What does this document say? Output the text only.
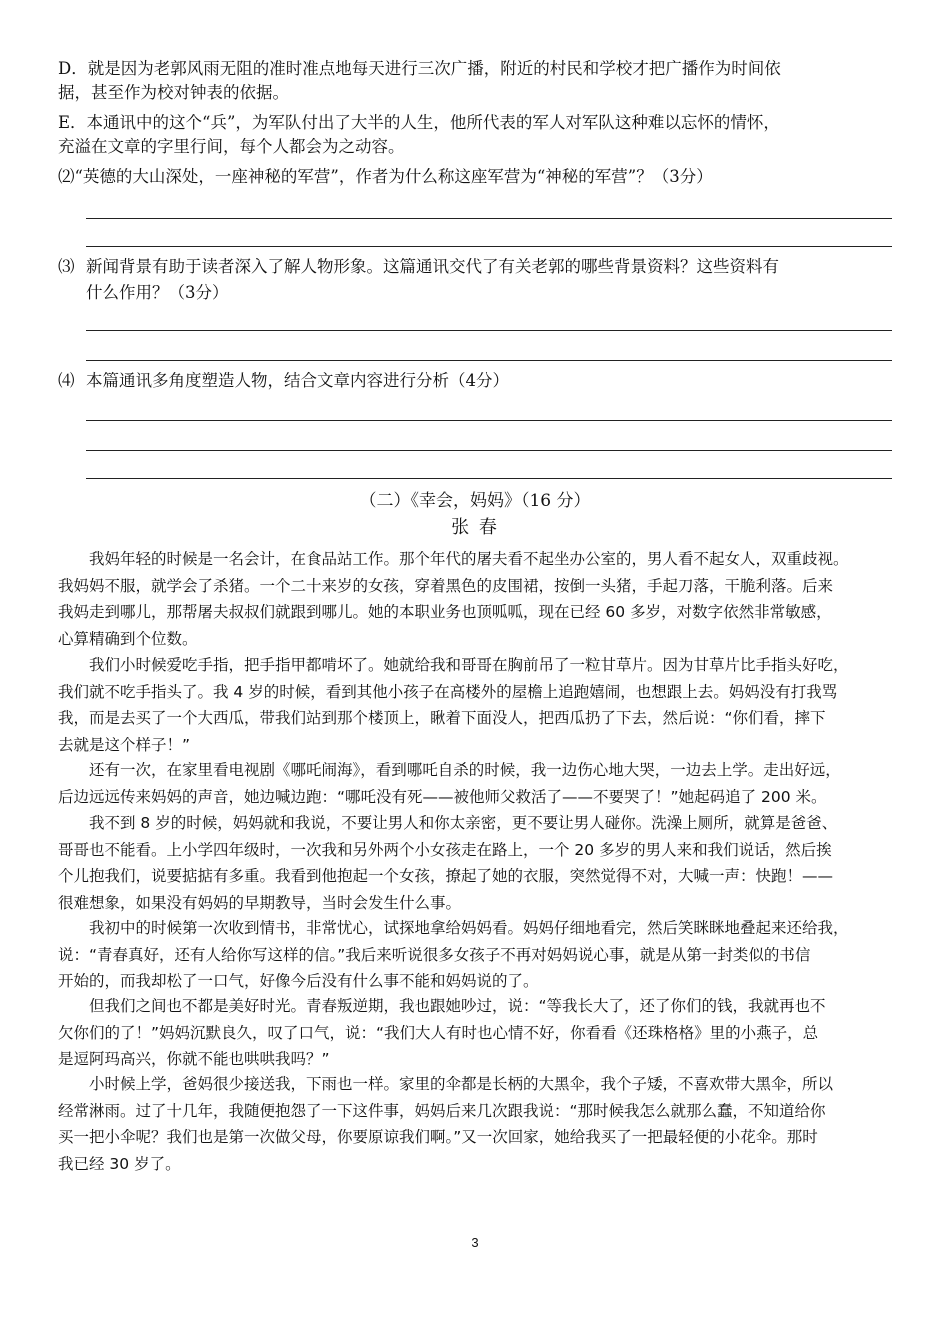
D．就是因为老郭风雨无阻的准时准点地每天进行三次广播，附近的村民和学校才把广播作为时间依
据，甚至作为校对钟表的依据。
E．本通讯中的这个“兵”，为军队付出了大半的人生，他所代表的军人对军队这种难以忘怀的情怀，
充溢在文章的字里行间，每个人都会为之动容。
⑵“英德的大山深处，一座神秘的军营”，作者为什么称这座军营为“神秘的军营”？（3分）
⑶ 新闻背景有助于读者深入了解人物形象。这篇通讯交代了有关老郭的哪些背景资料？这些资料有
什么作用？（3分）
⑷ 本篇通讯多角度塑造人物，结合文章内容进行分析（4分）
（二）《幸会，妈妈》（16 分）
张 春
我妈年轻的时候是一名会计，在食品站工作。那个年代的屠夫看不起坐办公室的，男人看不起女人，双重歧视。
我妈妈不服，就学会了杀猪。一个二十来岁的女孩，穿着黑色的皮围裙，按倒一头猪，手起刀落，干脆利落。后来
我妈走到哪儿，那帮屠夫叔叔们就跟到哪儿。她的本职业务也顶呱呱，现在已经 60 多岁，对数字依然非常敏感，
心算精确到个位数。
我们小时候爱吃手指，把手指甲都啃坏了。她就给我和哥哥在胸前吊了一粒甘草片。因为甘草片比手指头好吃，
我们就不吃手指头了。我 4 岁的时候，看到其他小孩子在高楼外的屋檐上追跑嬉闹，也想跟上去。妈妈没有打我骂
我，而是去买了一个大西瓜，带我们站到那个楼顶上，瞅着下面没人，把西瓜扔了下去，然后说：“你们看，摔下
去就是这个样子！”
还有一次，在家里看电视剧《哪吒闹海》，看到哪吒自杀的时候，我一边伤心地大哭，一边去上学。走出好远，
后边远远传来妈妈的声音，她边喊边跑：“哪吒没有死——被他师父救活了——不要哭了！”她起码追了 200 米。
我不到 8 岁的时候，妈妈就和我说，不要让男人和你太亲密，更不要让男人碰你。洗澡上厕所，就算是爸爸、
哥哥也不能看。上小学四年级时，一次我和另外两个小女孩走在路上，一个 20 多岁的男人来和我们说话，然后挨
个儿抱我们，说要掂掂有多重。我看到他抱起一个女孩，撩起了她的衣服，突然觉得不对，大喊一声：快跑！——
很难想象，如果没有妈妈的早期教导，当时会发生什么事。
我初中的时候第一次收到情书，非常忧心，试探地拿给妈妈看。妈妈仔细地看完，然后笑眯眯地叠起来还给我，
说：“青春真好，还有人给你写这样的信。”我后来听说很多女孩子不再对妈妈说心事，就是从第一封类似的书信
开始的，而我却松了一口气，好像今后没有什么事不能和妈妈说的了。
但我们之间也不都是美好时光。青春叛逆期，我也跟她吵过，说：“等我长大了，还了你们的钱，我就再也不
欠你们的了！”妈妈沉默良久，叹了口气，说：“我们大人有时也心情不好，你看看《还珠格格》里的小燕子，总
是逗阿玛高兴，你就不能也哄哄我吗？”
小时候上学，爸妈很少接送我，下雨也一样。家里的伞都是长柄的大黑伞，我个子矮，不喜欢带大黑伞，所以
经常淋雨。过了十几年，我随便抱怨了一下这件事，妈妈后来几次跟我说：“那时候我怎么就那么蠢，不知道给你
买一把小伞呢？我们也是第一次做父母，你要原谅我们啊。”又一次回家，她给我买了一把最轻便的小花伞。那时
我已经 30 岁了。
3
